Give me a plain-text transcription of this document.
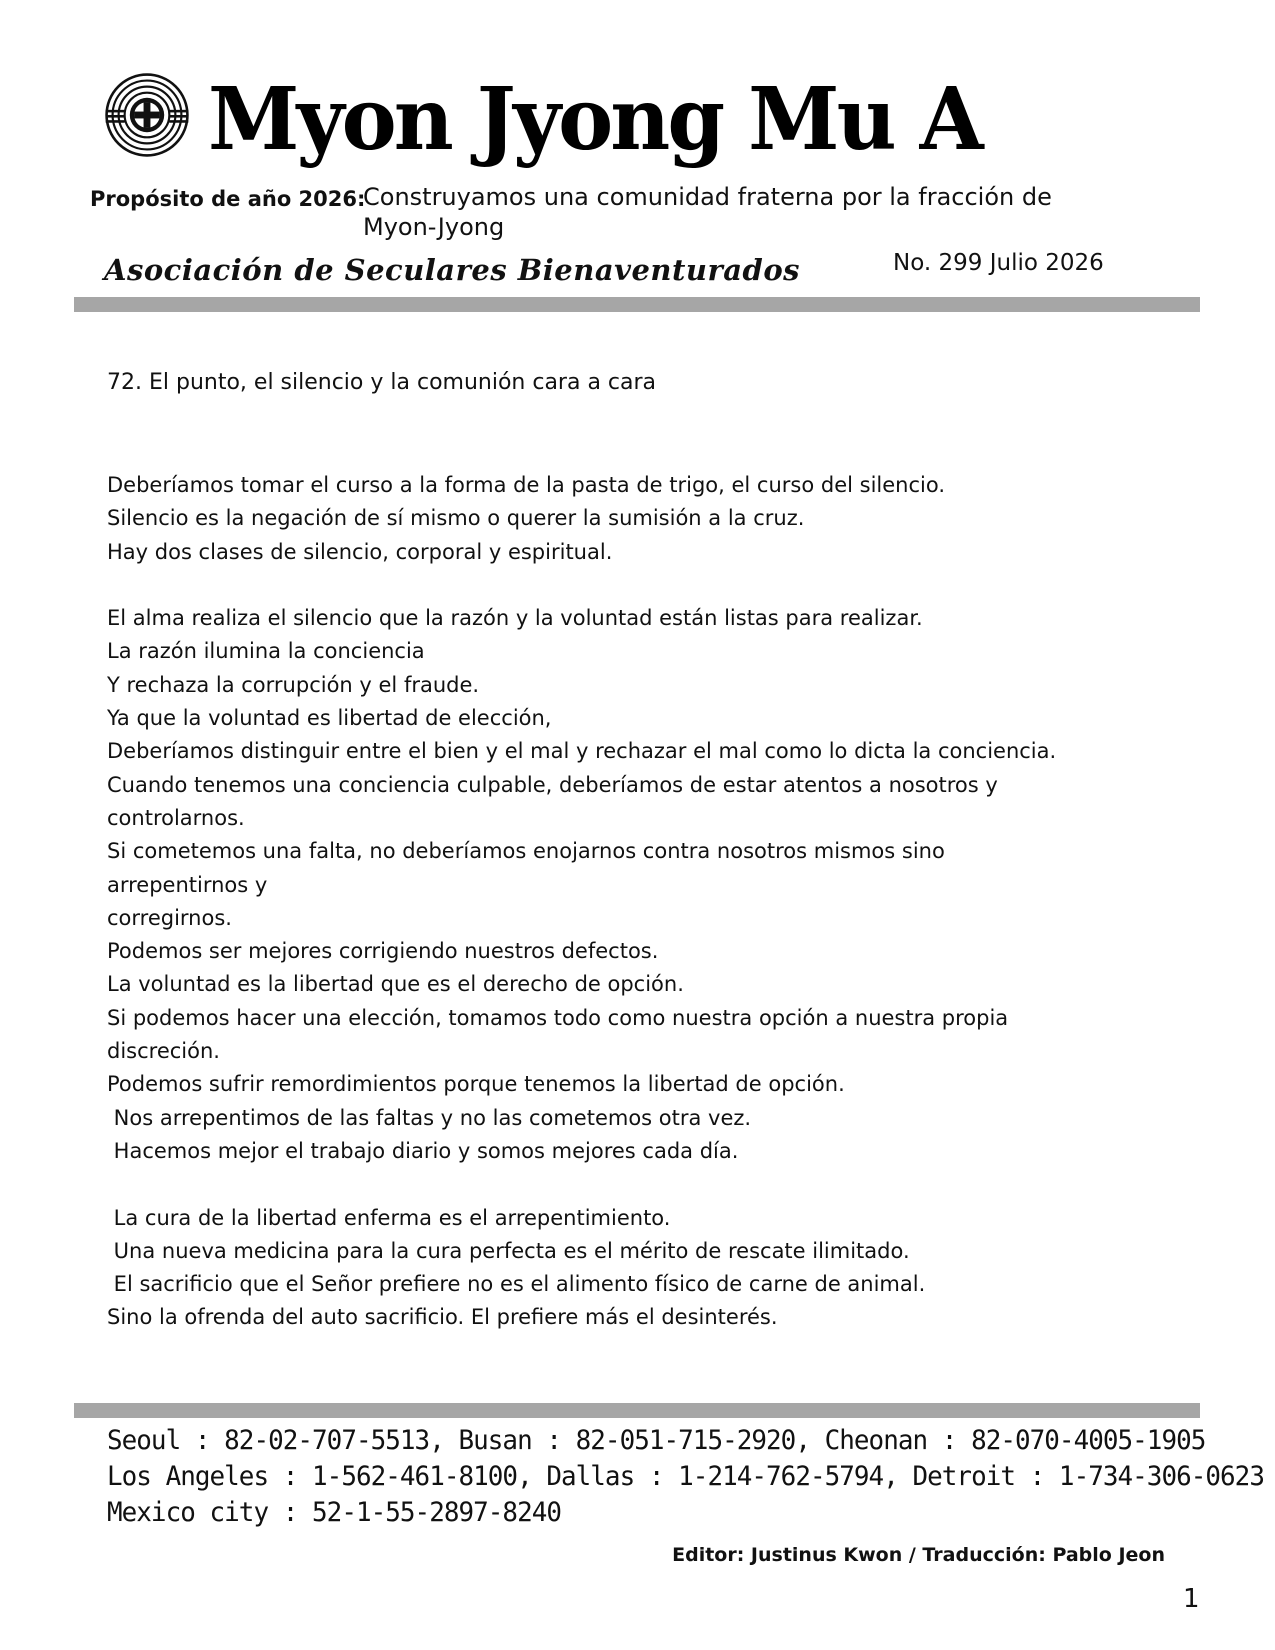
Myon Jyong Mu A
Propósito de año 2026:
Construyamos una comunidad fraterna por la fracción de
Myon-Jyong
Asociación de Seculares Bienaventurados	No. 299 Julio 2026
72. El punto, el silencio y la comunión cara a cara
Deberíamos tomar el curso a la forma de la pasta de trigo, el curso del silencio.
Silencio es la negación de sí mismo o querer la sumisión a la cruz.
Hay dos clases de silencio, corporal y espiritual.
El alma realiza el silencio que la razón y la voluntad están listas para realizar.
La razón ilumina la conciencia
Y rechaza la corrupción y el fraude.
Ya que la voluntad es libertad de elección,
Deberíamos distinguir entre el bien y el mal y rechazar el mal como lo dicta la conciencia.
Cuando tenemos una conciencia culpable, deberíamos de estar atentos a nosotros y
controlarnos.
Si cometemos una falta, no deberíamos enojarnos contra nosotros mismos sino
arrepentirnos y
corregirnos.
Podemos ser mejores corrigiendo nuestros defectos.
La voluntad es la libertad que es el derecho de opción.
Si podemos hacer una elección, tomamos todo como nuestra opción a nuestra propia
discreción.
Podemos sufrir remordimientos porque tenemos la libertad de opción.
Nos arrepentimos de las faltas y no las cometemos otra vez.
Hacemos mejor el trabajo diario y somos mejores cada día.
La cura de la libertad enferma es el arrepentimiento.
Una nueva medicina para la cura perfecta es el mérito de rescate ilimitado.
El sacrificio que el Señor prefiere no es el alimento físico de carne de animal.
Sino la ofrenda del auto sacrificio. El prefiere más el desinterés.
Seoul : 82-02-707-5513, Busan : 82-051-715-2920, Cheonan : 82-070-4005-1905
Los Angeles : 1-562-461-8100, Dallas : 1-214-762-5794, Detroit : 1-734-306-0623
Mexico city : 52-1-55-2897-8240
Editor: Justinus Kwon / Traducción: Pablo Jeon
1
